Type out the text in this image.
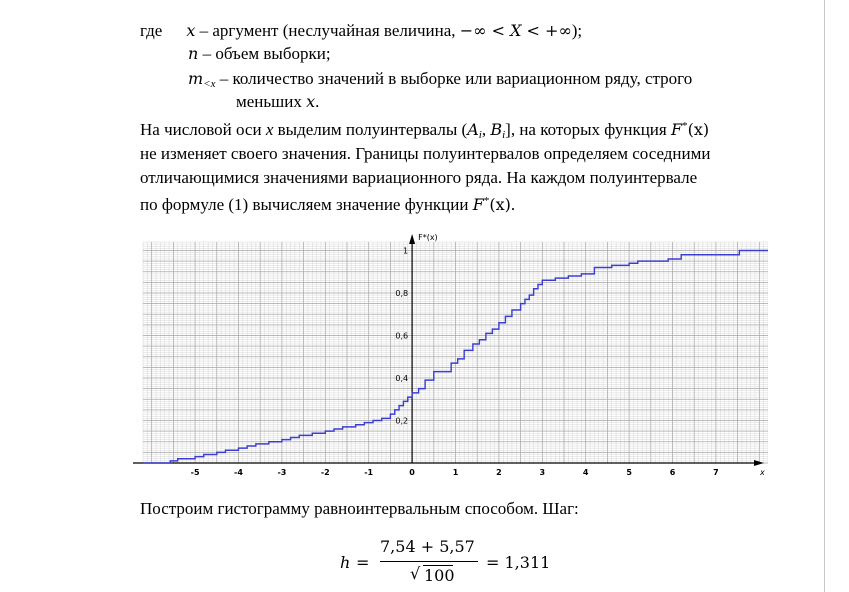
где x – аргумент (неслучайная величина, −∞ < X < +∞);
n – объем выборки;
$m_{<x}$ – количество значений в выборке или вариационном ряду, строго
меньших x.
На числовой оси x выделим полуинтервалы ($A_i$, $B_i$], на которых функция F*(x)
не изменяет своего значения. Границы полуинтервалов определяем соседними
отличающимися значениями вариационного ряда. На каждом полуинтервале
по формуле (1) вычисляем значение функции F*(x).
-5	-4	-3	-2	-1	0	1	2	3	4	5	6	7
0,2
0,4
0,6
0,8
1
F*(x)
x
Построим гистограмму равноинтервальным способом. Шаг:
h =
7,54 + 5,57
√ 100
= 1,311
